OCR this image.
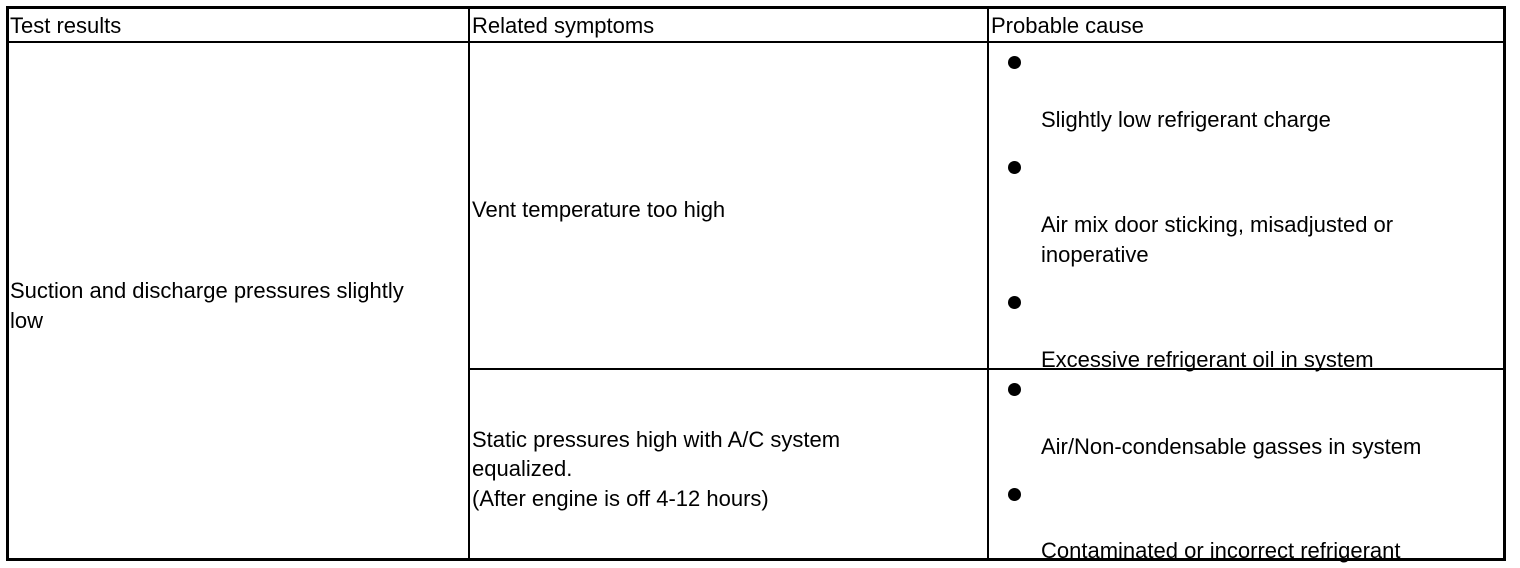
Test results	Related symptoms	Probable cause
Suction and discharge pressures slightly
low
Vent temperature too high
Slightly low refrigerant charge
Air mix door sticking, misadjusted or
inoperative
Excessive refrigerant oil in system
Static pressures high with A/C system
equalized.
(After engine is off 4-12 hours)
Air/Non-condensable gasses in system
Contaminated or incorrect refrigerant
